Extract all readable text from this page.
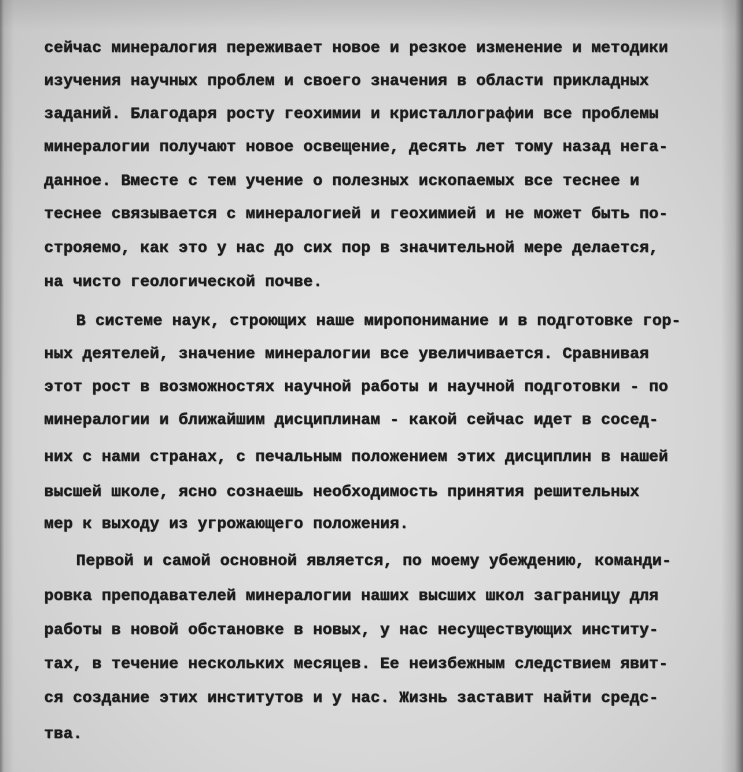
сейчас минералогия переживает новое и резкое изменение и методики

изучения научных проблем и своего значения в области прикладных

заданий. Благодаря росту геохимии и кристаллографии все проблемы

минералогии получают новое освещение, десять лет тому назад нега-

данное. Вместе с тем учение о полезных ископаемых все теснее и

теснее связывается с минералогией и геохимией и не может быть по-

строяемо, как это у нас до сих пор в значительной мере делается,

на чисто геологической почве.

В системе наук, строющих наше миропонимание и в подготовке гор-

ных деятелей, значение минералогии все увеличивается. Сравнивая

этот рост в возможностях научной работы и научной подготовки - по

минералогии и ближайшим дисциплинам - какой сейчас идет в сосед-

них с нами странах, с печальным положением этих дисциплин в нашей

высшей школе, ясно сознаешь необходимость принятия решительных

мер к выходу из угрожающего положения.

Первой и самой основной является, по моему убеждению, команди-

ровка преподавателей минералогии наших высших школ заграницу для

работы в новой обстановке в новых, у нас несуществующих институ-

тах, в течение нескольких месяцев. Ее неизбежным следствием явит-

ся создание этих институтов и у нас. Жизнь заставит найти средс-

тва.
